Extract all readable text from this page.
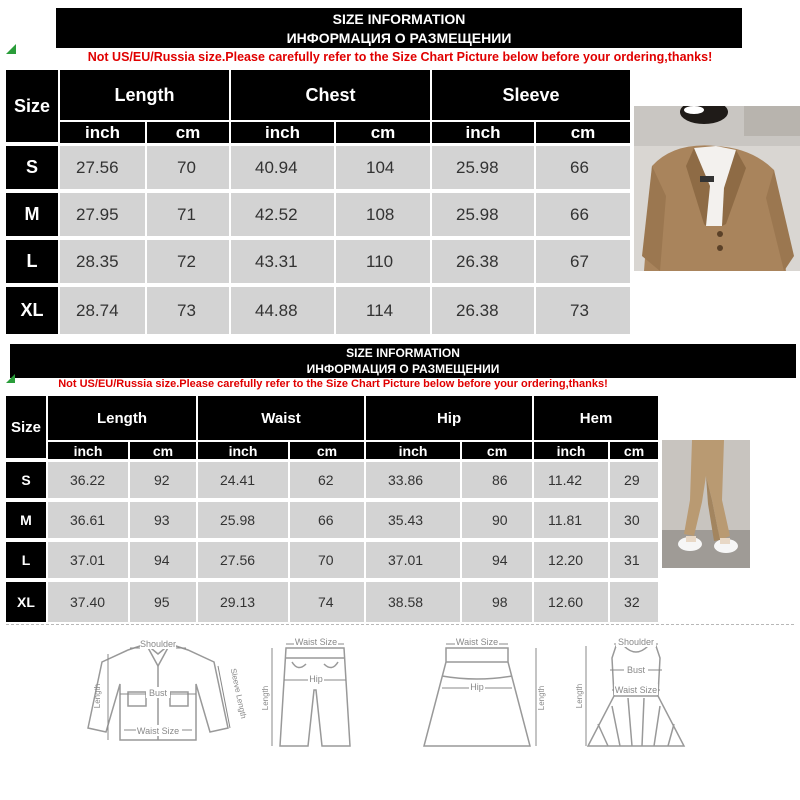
SIZE INFORMATION
ИНФОРМАЦИЯ О РАЗМЕЩЕНИИ
Not US/EU/Russia size.Please carefully refer to the Size Chart Picture below before your ordering,thanks!
Size	Length		Chest		Sleeve	
	inch	cm	inch	cm	inch	cm
S	27.56	70	40.94	104	25.98	66
M	27.95	71	42.52	108	25.98	66
L	28.35	72	43.31	110	26.38	67
XL	28.74	73	44.88	114	26.38	73
SIZE INFORMATION
ИНФОРМАЦИЯ О РАЗМЕЩЕНИИ
Not US/EU/Russia size.Please carefully refer to the Size Chart Picture below before your ordering,thanks!
Size	Length		Waist		Hip		Hem	
	inch	cm	inch	cm	inch	cm	inch	cm
S	36.22	92	24.41	62	33.86	86	11.42	29
M	36.61	93	25.98	66	35.43	90	11.81	30
L	37.01	94	27.56	70	37.01	94	12.20	31
XL	37.40	95	29.13	74	38.58	98	12.60	32
Shoulder
Bust
Waist Size
Length	Sleeve Length
Waist Size
Hip
Length
Waist Size
Hip	Length
Shoulder
Bust
Waist Size
Length
